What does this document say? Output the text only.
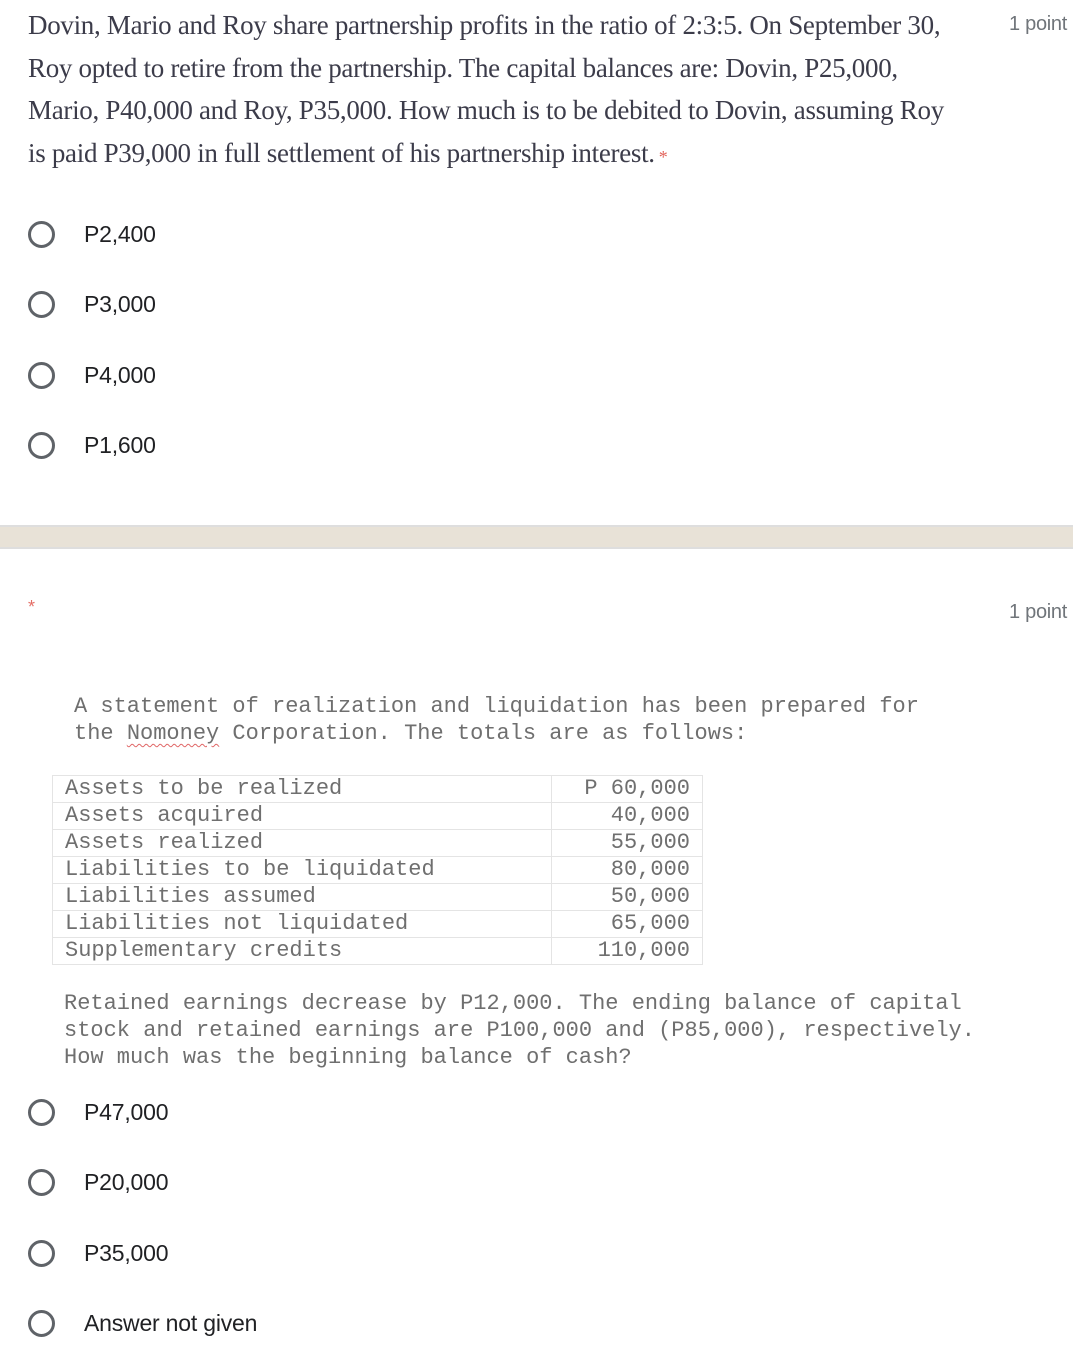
Dovin, Mario and Roy share partnership profits in the ratio of 2:3:5. On September 30,
Roy opted to retire from the partnership. The capital balances are: Dovin, P25,000,
Mario, P40,000 and Roy, P35,000. How much is to be debited to Dovin, assuming Roy
is paid P39,000 in full settlement of his partnership interest. *
1 point
P2,400
P3,000
P4,000
P1,600
*	1 point
A statement of realization and liquidation has been prepared for
the Nomoney Corporation. The totals are as follows:
Assets to be realized	P 60,000
Assets acquired	40,000
Assets realized	55,000
Liabilities to be liquidated	80,000
Liabilities assumed	50,000
Liabilities not liquidated	65,000
Supplementary credits	110,000
Retained earnings decrease by P12,000. The ending balance of capital
stock and retained earnings are P100,000 and (P85,000), respectively.
How much was the beginning balance of cash?
P47,000
P20,000
P35,000
Answer not given
